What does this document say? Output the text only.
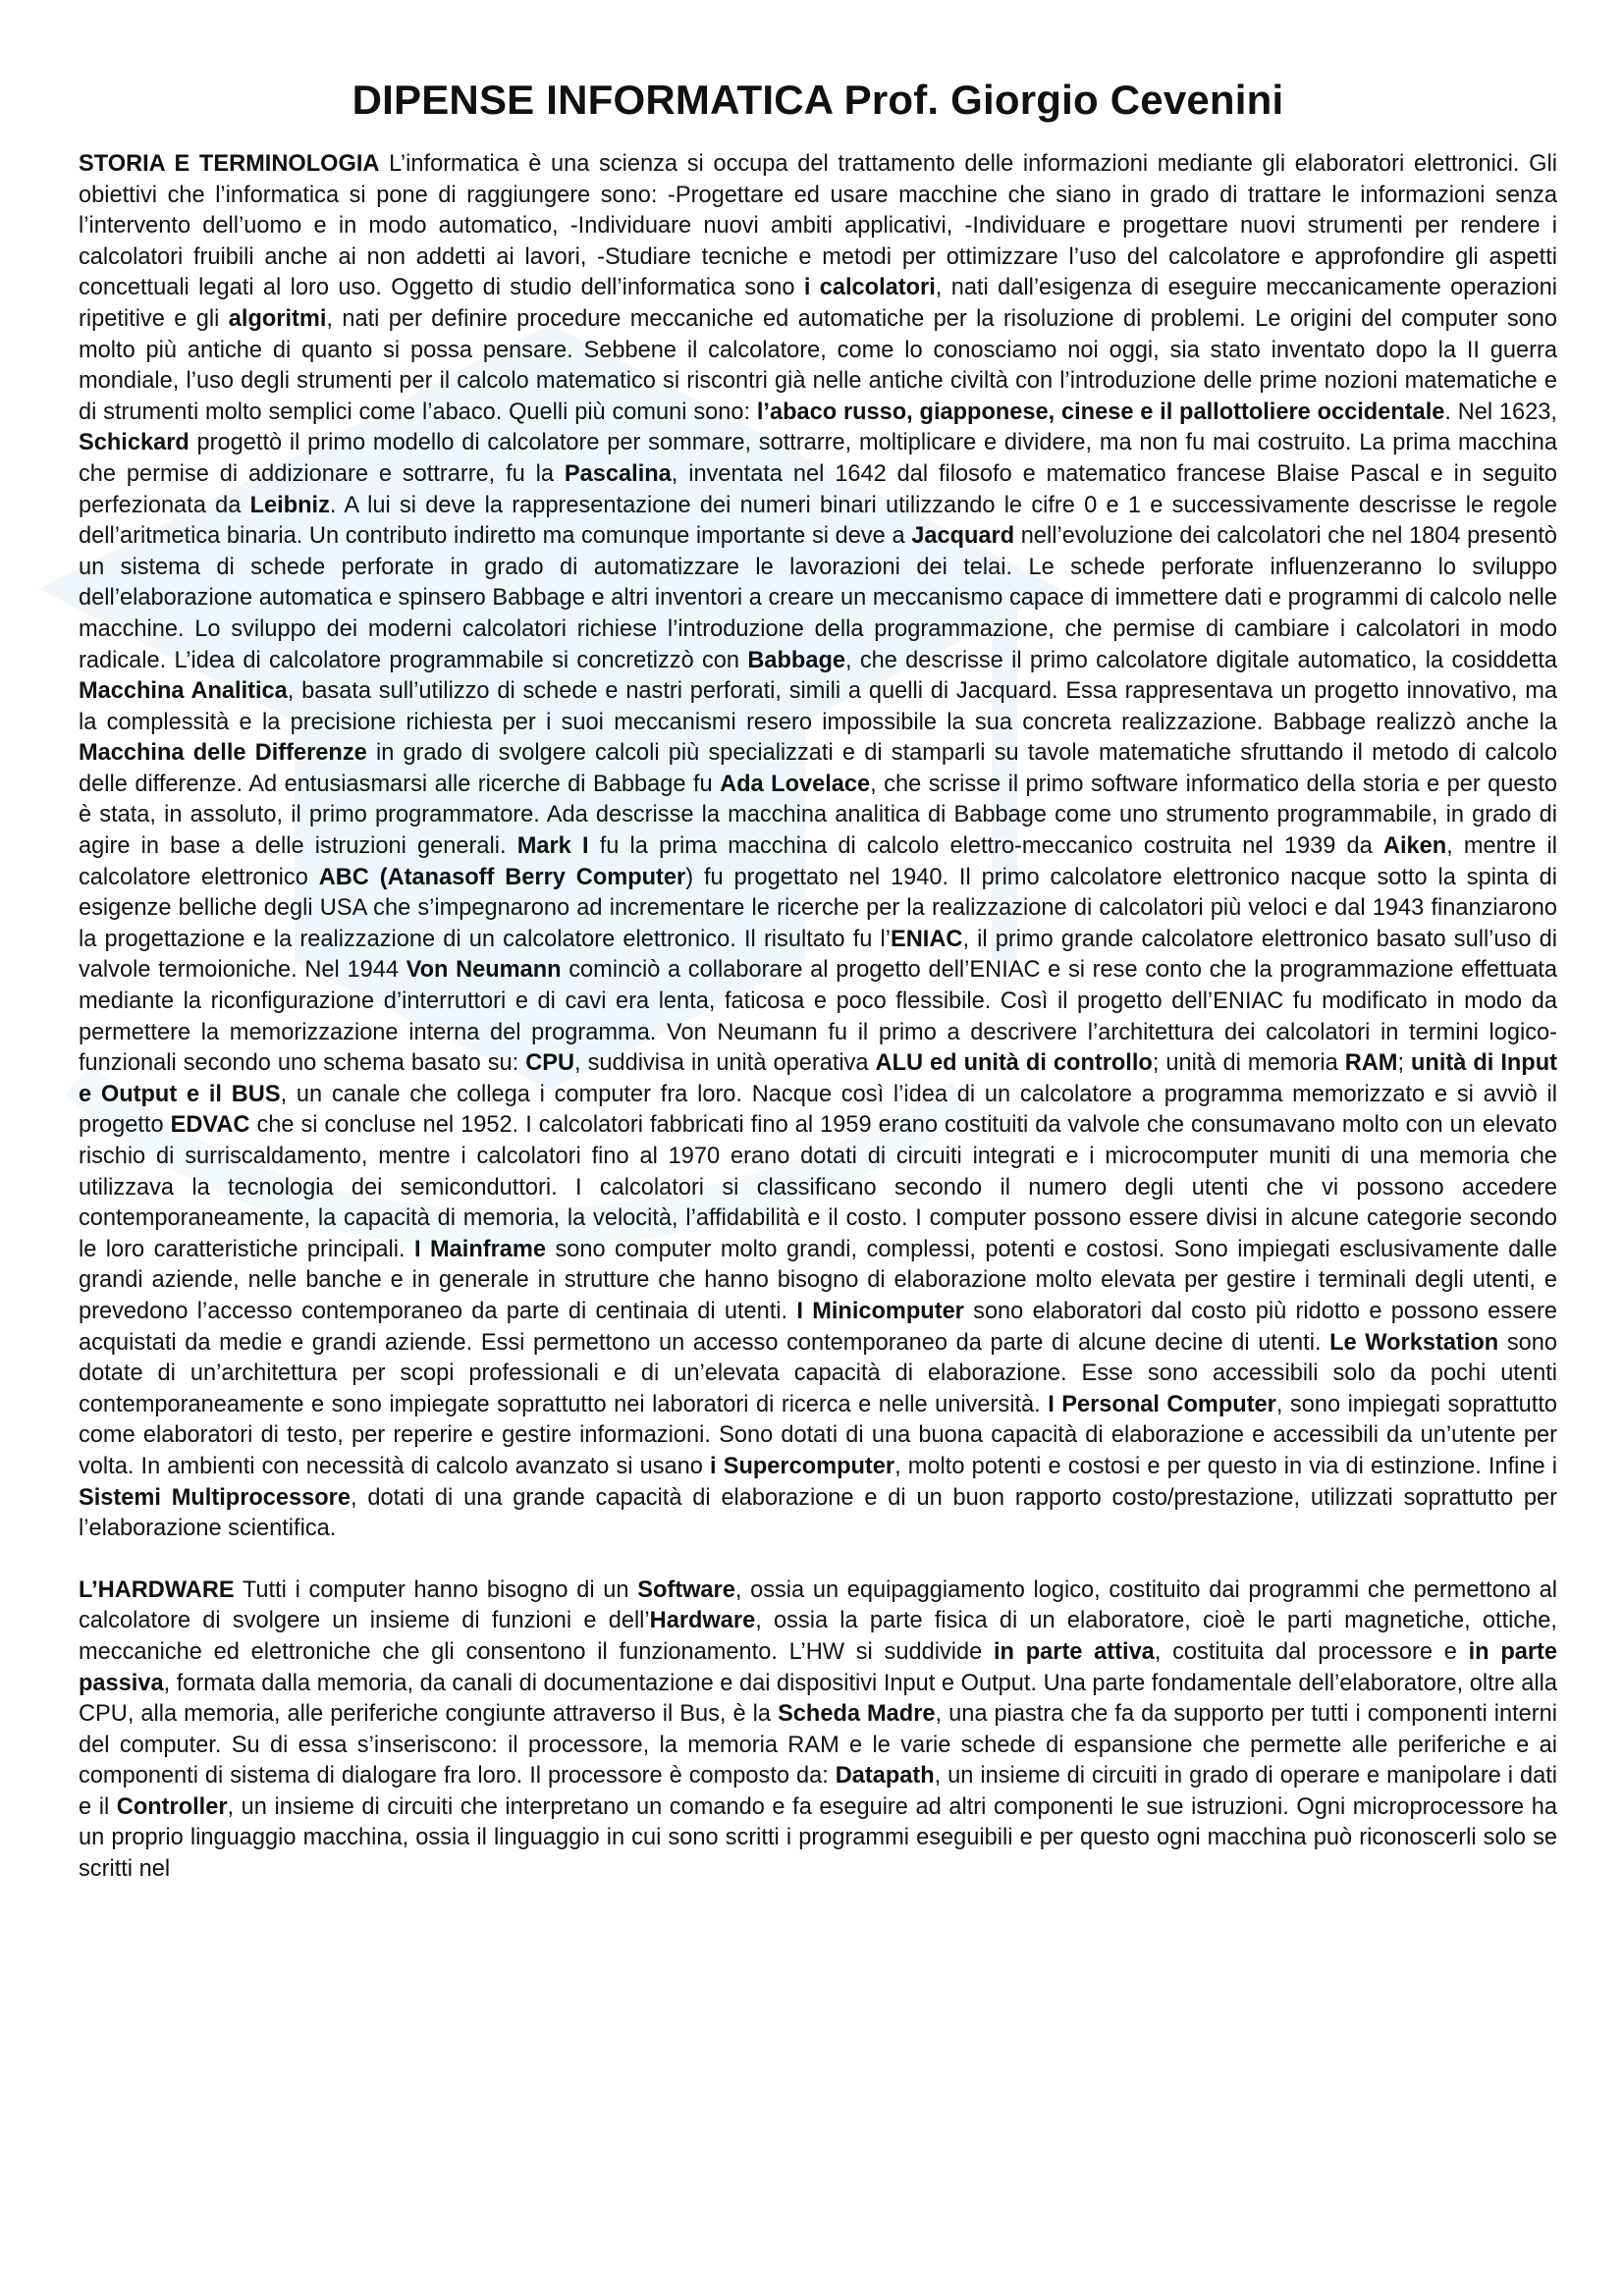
DIPENSE INFORMATICA Prof. Giorgio Cevenini

STORIA E TERMINOLOGIA L’informatica è una scienza si occupa del trattamento delle informazioni mediante gli elaboratori elettronici. Gli obiettivi che l’informatica si pone di raggiungere sono: -Progettare ed usare macchine che siano in grado di trattare le informazioni senza l’intervento dell’uomo e in modo automatico, -Individuare nuovi ambiti applicativi, -Individuare e progettare nuovi strumenti per rendere i calcolatori fruibili anche ai non addetti ai lavori, -Studiare tecniche e metodi per ottimizzare l’uso del calcolatore e approfondire gli aspetti concettuali legati al loro uso. Oggetto di studio dell’informatica sono i calcolatori, nati dall’esigenza di eseguire meccanicamente operazioni ripetitive e gli algoritmi, nati per definire procedure meccaniche ed automatiche per la risoluzione di problemi. Le origini del computer sono molto più antiche di quanto si possa pensare. Sebbene il calcolatore, come lo conosciamo noi oggi, sia stato inventato dopo la II guerra mondiale, l’uso degli strumenti per il calcolo matematico si riscontri già nelle antiche civiltà con l’introduzione delle prime nozioni matematiche e di strumenti molto semplici come l’abaco. Quelli più comuni sono: l’abaco russo, giapponese, cinese e il pallottoliere occidentale. Nel 1623, Schickard progettò il primo modello di calcolatore per sommare, sottrarre, moltiplicare e dividere, ma non fu mai costruito. La prima macchina che permise di addizionare e sottrarre, fu la Pascalina, inventata nel 1642 dal filosofo e matematico francese Blaise Pascal e in seguito perfezionata da Leibniz. A lui si deve la rappresentazione dei numeri binari utilizzando le cifre 0 e 1 e successivamente descrisse le regole dell’aritmetica binaria. Un contributo indiretto ma comunque importante si deve a Jacquard nell’evoluzione dei calcolatori che nel 1804 presentò un sistema di schede perforate in grado di automatizzare le lavorazioni dei telai. Le schede perforate influenzeranno lo sviluppo dell’elaborazione automatica e spinsero Babbage e altri inventori a creare un meccanismo capace di immettere dati e programmi di calcolo nelle macchine. Lo sviluppo dei moderni calcolatori richiese l’introduzione della programmazione, che permise di cambiare i calcolatori in modo radicale. L’idea di calcolatore programmabile si concretizzò con Babbage, che descrisse il primo calcolatore digitale automatico, la cosiddetta Macchina Analitica, basata sull’utilizzo di schede e nastri perforati, simili a quelli di Jacquard. Essa rappresentava un progetto innovativo, ma la complessità e la precisione richiesta per i suoi meccanismi resero impossibile la sua concreta realizzazione. Babbage realizzò anche la Macchina delle Differenze in grado di svolgere calcoli più specializzati e di stamparli su tavole matematiche sfruttando il metodo di calcolo delle differenze. Ad entusiasmarsi alle ricerche di Babbage fu Ada Lovelace, che scrisse il primo software informatico della storia e per questo è stata, in assoluto, il primo programmatore. Ada descrisse la macchina analitica di Babbage come uno strumento programmabile, in grado di agire in base a delle istruzioni generali. Mark I fu la prima macchina di calcolo elettro-meccanico costruita nel 1939 da Aiken, mentre il calcolatore elettronico ABC (Atanasoff Berry Computer) fu progettato nel 1940. Il primo calcolatore elettronico nacque sotto la spinta di esigenze belliche degli USA che s’impegnarono ad incrementare le ricerche per la realizzazione di calcolatori più veloci e dal 1943 finanziarono la progettazione e la realizzazione di un calcolatore elettronico. Il risultato fu l’ENIAC, il primo grande calcolatore elettronico basato sull’uso di valvole termoioniche. Nel 1944 Von Neumann cominciò a collaborare al progetto dell’ENIAC e si rese conto che la programmazione effettuata mediante la riconfigurazione d’interruttori e di cavi era lenta, faticosa e poco flessibile. Così il progetto dell’ENIAC fu modificato in modo da permettere la memorizzazione interna del programma. Von Neumann fu il primo a descrivere l’architettura dei calcolatori in termini logico-funzionali secondo uno schema basato su: CPU, suddivisa in unità operativa ALU ed unità di controllo; unità di memoria RAM; unità di Input e Output e il BUS, un canale che collega i computer fra loro. Nacque così l’idea di un calcolatore a programma memorizzato e si avviò il progetto EDVAC che si concluse nel 1952. I calcolatori fabbricati fino al 1959 erano costituiti da valvole che consumavano molto con un elevato rischio di surriscaldamento, mentre i calcolatori fino al 1970 erano dotati di circuiti integrati e i microcomputer muniti di una memoria che utilizzava la tecnologia dei semiconduttori. I calcolatori si classificano secondo il numero degli utenti che vi possono accedere contemporaneamente, la capacità di memoria, la velocità, l’affidabilità e il costo. I computer possono essere divisi in alcune categorie secondo le loro caratteristiche principali. I Mainframe sono computer molto grandi, complessi, potenti e costosi. Sono impiegati esclusivamente dalle grandi aziende, nelle banche e in generale in strutture che hanno bisogno di elaborazione molto elevata per gestire i terminali degli utenti, e prevedono l’accesso contemporaneo da parte di centinaia di utenti. I Minicomputer sono elaboratori dal costo più ridotto e possono essere acquistati da medie e grandi aziende. Essi permettono un accesso contemporaneo da parte di alcune decine di utenti. Le Workstation sono dotate di un’architettura per scopi professionali e di un’elevata capacità di elaborazione. Esse sono accessibili solo da pochi utenti contemporaneamente e sono impiegate soprattutto nei laboratori di ricerca e nelle università. I Personal Computer, sono impiegati soprattutto come elaboratori di testo, per reperire e gestire informazioni. Sono dotati di una buona capacità di elaborazione e accessibili da un’utente per volta. In ambienti con necessità di calcolo avanzato si usano i Supercomputer, molto potenti e costosi e per questo in via di estinzione. Infine i Sistemi Multiprocessore, dotati di una grande capacità di elaborazione e di un buon rapporto costo/prestazione, utilizzati soprattutto per l’elaborazione scientifica.

L’HARDWARE Tutti i computer hanno bisogno di un Software, ossia un equipaggiamento logico, costituito dai programmi che permettono al calcolatore di svolgere un insieme di funzioni e dell’Hardware, ossia la parte fisica di un elaboratore, cioè le parti magnetiche, ottiche, meccaniche ed elettroniche che gli consentono il funzionamento. L’HW si suddivide in parte attiva, costituita dal processore e in parte passiva, formata dalla memoria, da canali di documentazione e dai dispositivi Input e Output. Una parte fondamentale dell’elaboratore, oltre alla CPU, alla memoria, alle periferiche congiunte attraverso il Bus, è la Scheda Madre, una piastra che fa da supporto per tutti i componenti interni del computer. Su di essa s’inseriscono: il processore, la memoria RAM e le varie schede di espansione che permette alle periferiche e ai componenti di sistema di dialogare fra loro. Il processore è composto da: Datapath, un insieme di circuiti in grado di operare e manipolare i dati e il Controller, un insieme di circuiti che interpretano un comando e fa eseguire ad altri componenti le sue istruzioni. Ogni microprocessore ha un proprio linguaggio macchina, ossia il linguaggio in cui sono scritti i programmi eseguibili e per questo ogni macchina può riconoscerli solo se scritti nel
